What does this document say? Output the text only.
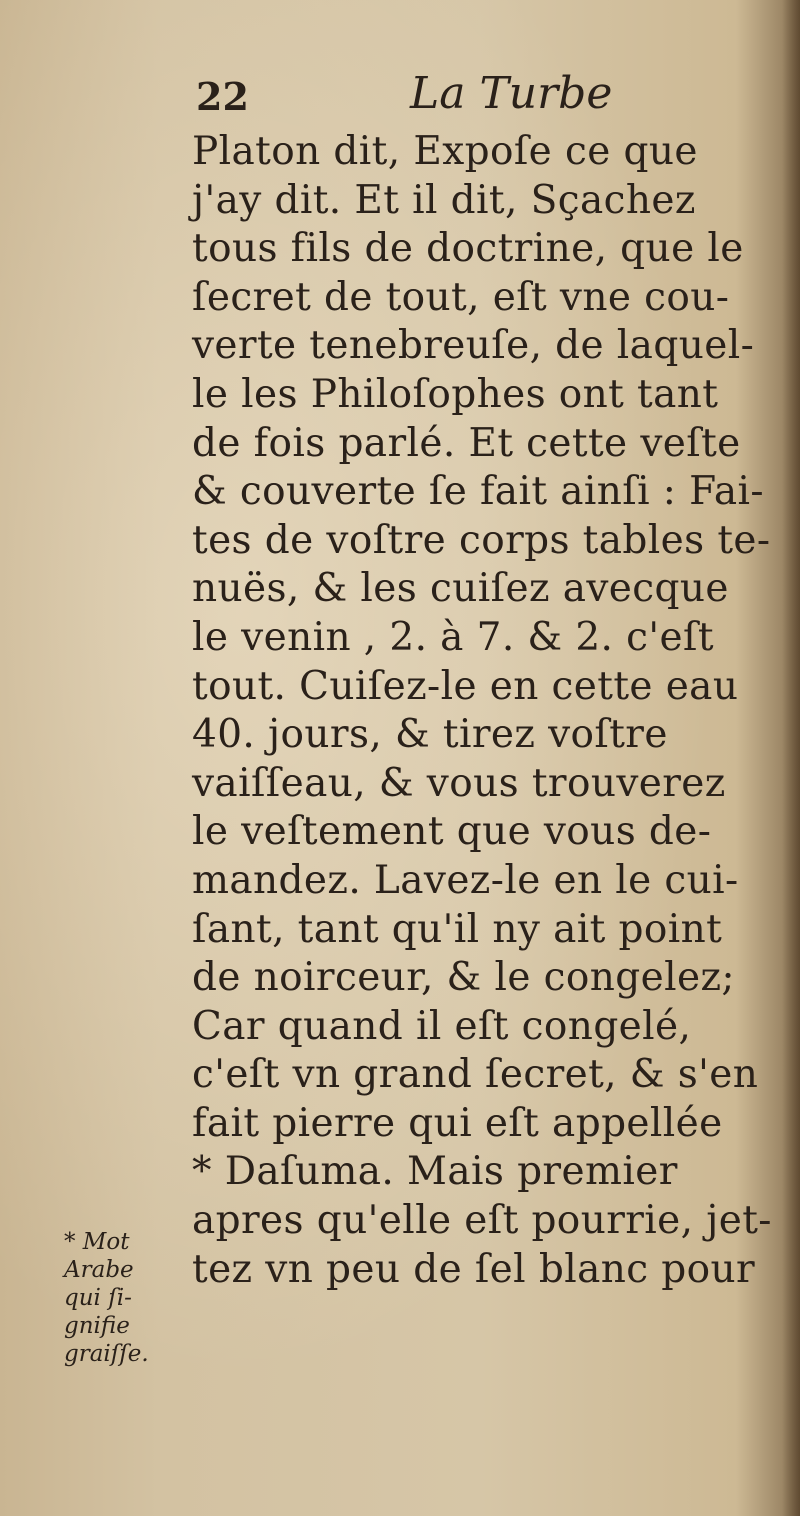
22	La Turbe
Platon dit, Expoſe ce que
j'ay dit. Et il dit, Sçachez
tous fils de doctrine, que le
ſecret de tout, eſt vne cou-
verte tenebreuſe, de laquel-
le les Philoſophes ont tant
de fois parlé. Et cette veſte
& couverte ſe fait ainſi : Fai-
tes de voſtre corps tables te-
nuës, & les cuiſez avecque
le venin , 2. à 7. & 2. c'eſt
tout. Cuiſez-le en cette eau
40. jours, & tirez voſtre
vaiſſeau, & vous trouverez
le veſtement que vous de-
mandez. Lavez-le en le cui-
ſant, tant qu'il ny ait point
de noirceur, & le congelez;
Car quand il eſt congelé,
c'eſt vn grand ſecret, & s'en
fait pierre qui eſt appellée
* Daſuma. Mais premier
apres qu'elle eſt pourrie, jet-
tez vn peu de ſel blanc pour
* Mot
Arabe
qui ſi-
gnifie
graiſſe.
